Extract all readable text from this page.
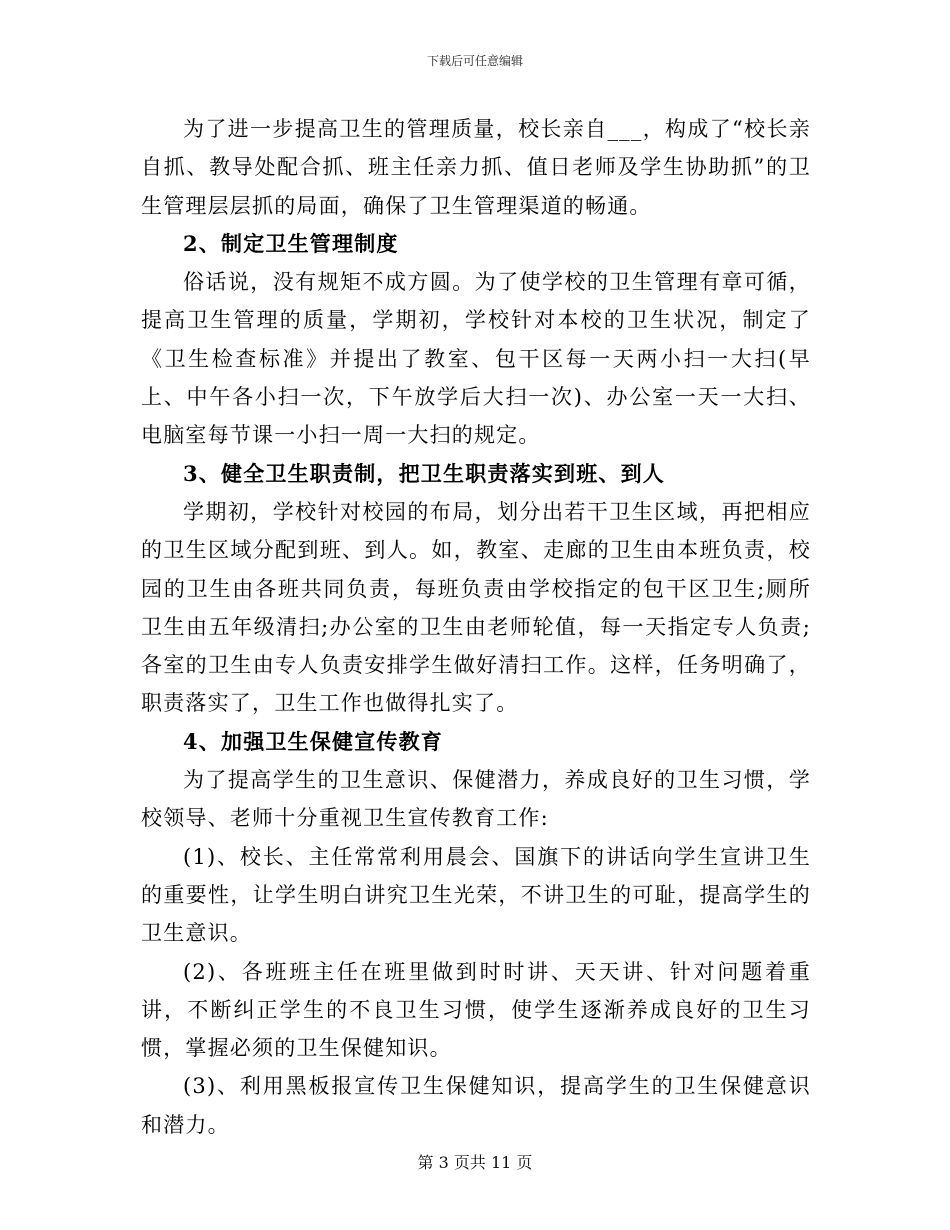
下载后可任意编辑

为了进一步提高卫生的管理质量，校长亲自___，构成了“校长亲自抓、教导处配合抓、班主任亲力抓、值日老师及学生协助抓”的卫生管理层层抓的局面，确保了卫生管理渠道的畅通。

2、制定卫生管理制度

俗话说，没有规矩不成方圆。为了使学校的卫生管理有章可循，提高卫生管理的质量，学期初，学校针对本校的卫生状况，制定了《卫生检查标准》并提出了教室、包干区每一天两小扫一大扫(早上、中午各小扫一次，下午放学后大扫一次)、办公室一天一大扫、电脑室每节课一小扫一周一大扫的规定。

3、健全卫生职责制，把卫生职责落实到班、到人

学期初，学校针对校园的布局，划分出若干卫生区域，再把相应的卫生区域分配到班、到人。如，教室、走廊的卫生由本班负责，校园的卫生由各班共同负责，每班负责由学校指定的包干区卫生;厕所卫生由五年级清扫;办公室的卫生由老师轮值，每一天指定专人负责;各室的卫生由专人负责安排学生做好清扫工作。这样，任务明确了，职责落实了，卫生工作也做得扎实了。

4、加强卫生保健宣传教育

为了提高学生的卫生意识、保健潜力，养成良好的卫生习惯，学校领导、老师十分重视卫生宣传教育工作:

(1)、校长、主任常常利用晨会、国旗下的讲话向学生宣讲卫生的重要性，让学生明白讲究卫生光荣，不讲卫生的可耻，提高学生的卫生意识。

(2)、各班班主任在班里做到时时讲、天天讲、针对问题着重讲，不断纠正学生的不良卫生习惯，使学生逐渐养成良好的卫生习惯，掌握必须的卫生保健知识。

(3)、利用黑板报宣传卫生保健知识，提高学生的卫生保健意识和潜力。

第 3 页共 11 页
